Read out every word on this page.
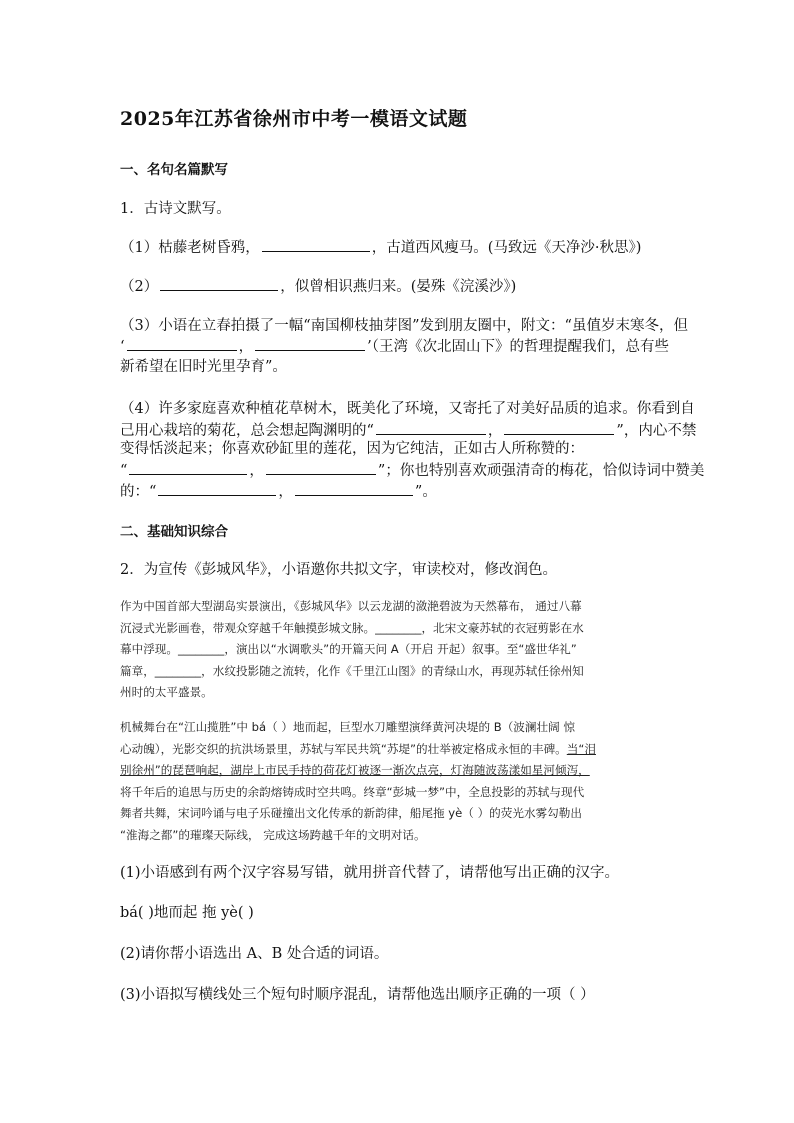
2025年江苏省徐州市中考一模语文试题
一、名句名篇默写
1．古诗文默写。
（1）枯藤老树昏鸦，	，古道西风瘦马。(马致远《天净沙·秋思》)
（2）	，似曾相识燕归来。(晏殊《浣溪沙》)
（3）小语在立春拍摄了一幅“南国柳枝抽芽图”发到朋友圈中，附文：“虽值岁末寒冬，但
‘	，	’（王湾《次北固山下》的哲理提醒我们，总有些
新希望在旧时光里孕育”。
（4）许多家庭喜欢种植花草树木，既美化了环境，又寄托了对美好品质的追求。你看到自
己用心栽培的菊花，总会想起陶渊明的“	，	”，内心不禁
变得恬淡起来；你喜欢砂缸里的莲花，因为它纯洁，正如古人所称赞的：
“	，	”；你也特别喜欢顽强清奇的梅花，恰似诗词中赞美
的：“	，	”。
二、基础知识综合
2．为宣传《彭城风华》，小语邀你共拟文字，审读校对，修改润色。
作为中国首部大型湖岛实景演出，《彭城风华》以云龙湖的潋滟碧波为天然幕布， 通过八幕
沉浸式光影画卷，带观众穿越千年触摸彭城文脉。________，北宋文豪苏轼的衣冠剪影在水
幕中浮现。________，演出以“水调歌头”的开篇天问 A（开启 开起）叙事。至“盛世华礼”
篇章，________，水纹投影随之流转，化作《千里江山图》的青绿山水，再现苏轼任徐州知
州时的太平盛景。
机械舞台在“江山揽胜”中 bá（ ）地而起，巨型水刀雕塑演绎黄河决堤的 B（波澜壮阔 惊
心动魄），光影交织的抗洪场景里，苏轼与军民共筑“苏堤”的壮举被定格成永恒的丰碑。当“泪
别徐州”的琵琶响起，湖岸上市民手持的荷花灯被逐一渐次点亮，灯海随波荡漾如星河倾泻，
将千年后的追思与历史的余韵熔铸成时空共鸣。终章“彭城一梦”中，全息投影的苏轼与现代
舞者共舞，宋词吟诵与电子乐碰撞出文化传承的新韵律，船尾拖 yè（ ）的荧光水雾勾勒出
“淮海之都”的璀璨天际线， 完成这场跨越千年的文明对话。
(1)小语感到有两个汉字容易写错，就用拼音代替了，请帮他写出正确的汉字。
bá( )地而起 拖 yè( )
(2)请你帮小语选出 A、B 处合适的词语。
(3)小语拟写横线处三个短句时顺序混乱，请帮他选出顺序正确的一项（ ）
